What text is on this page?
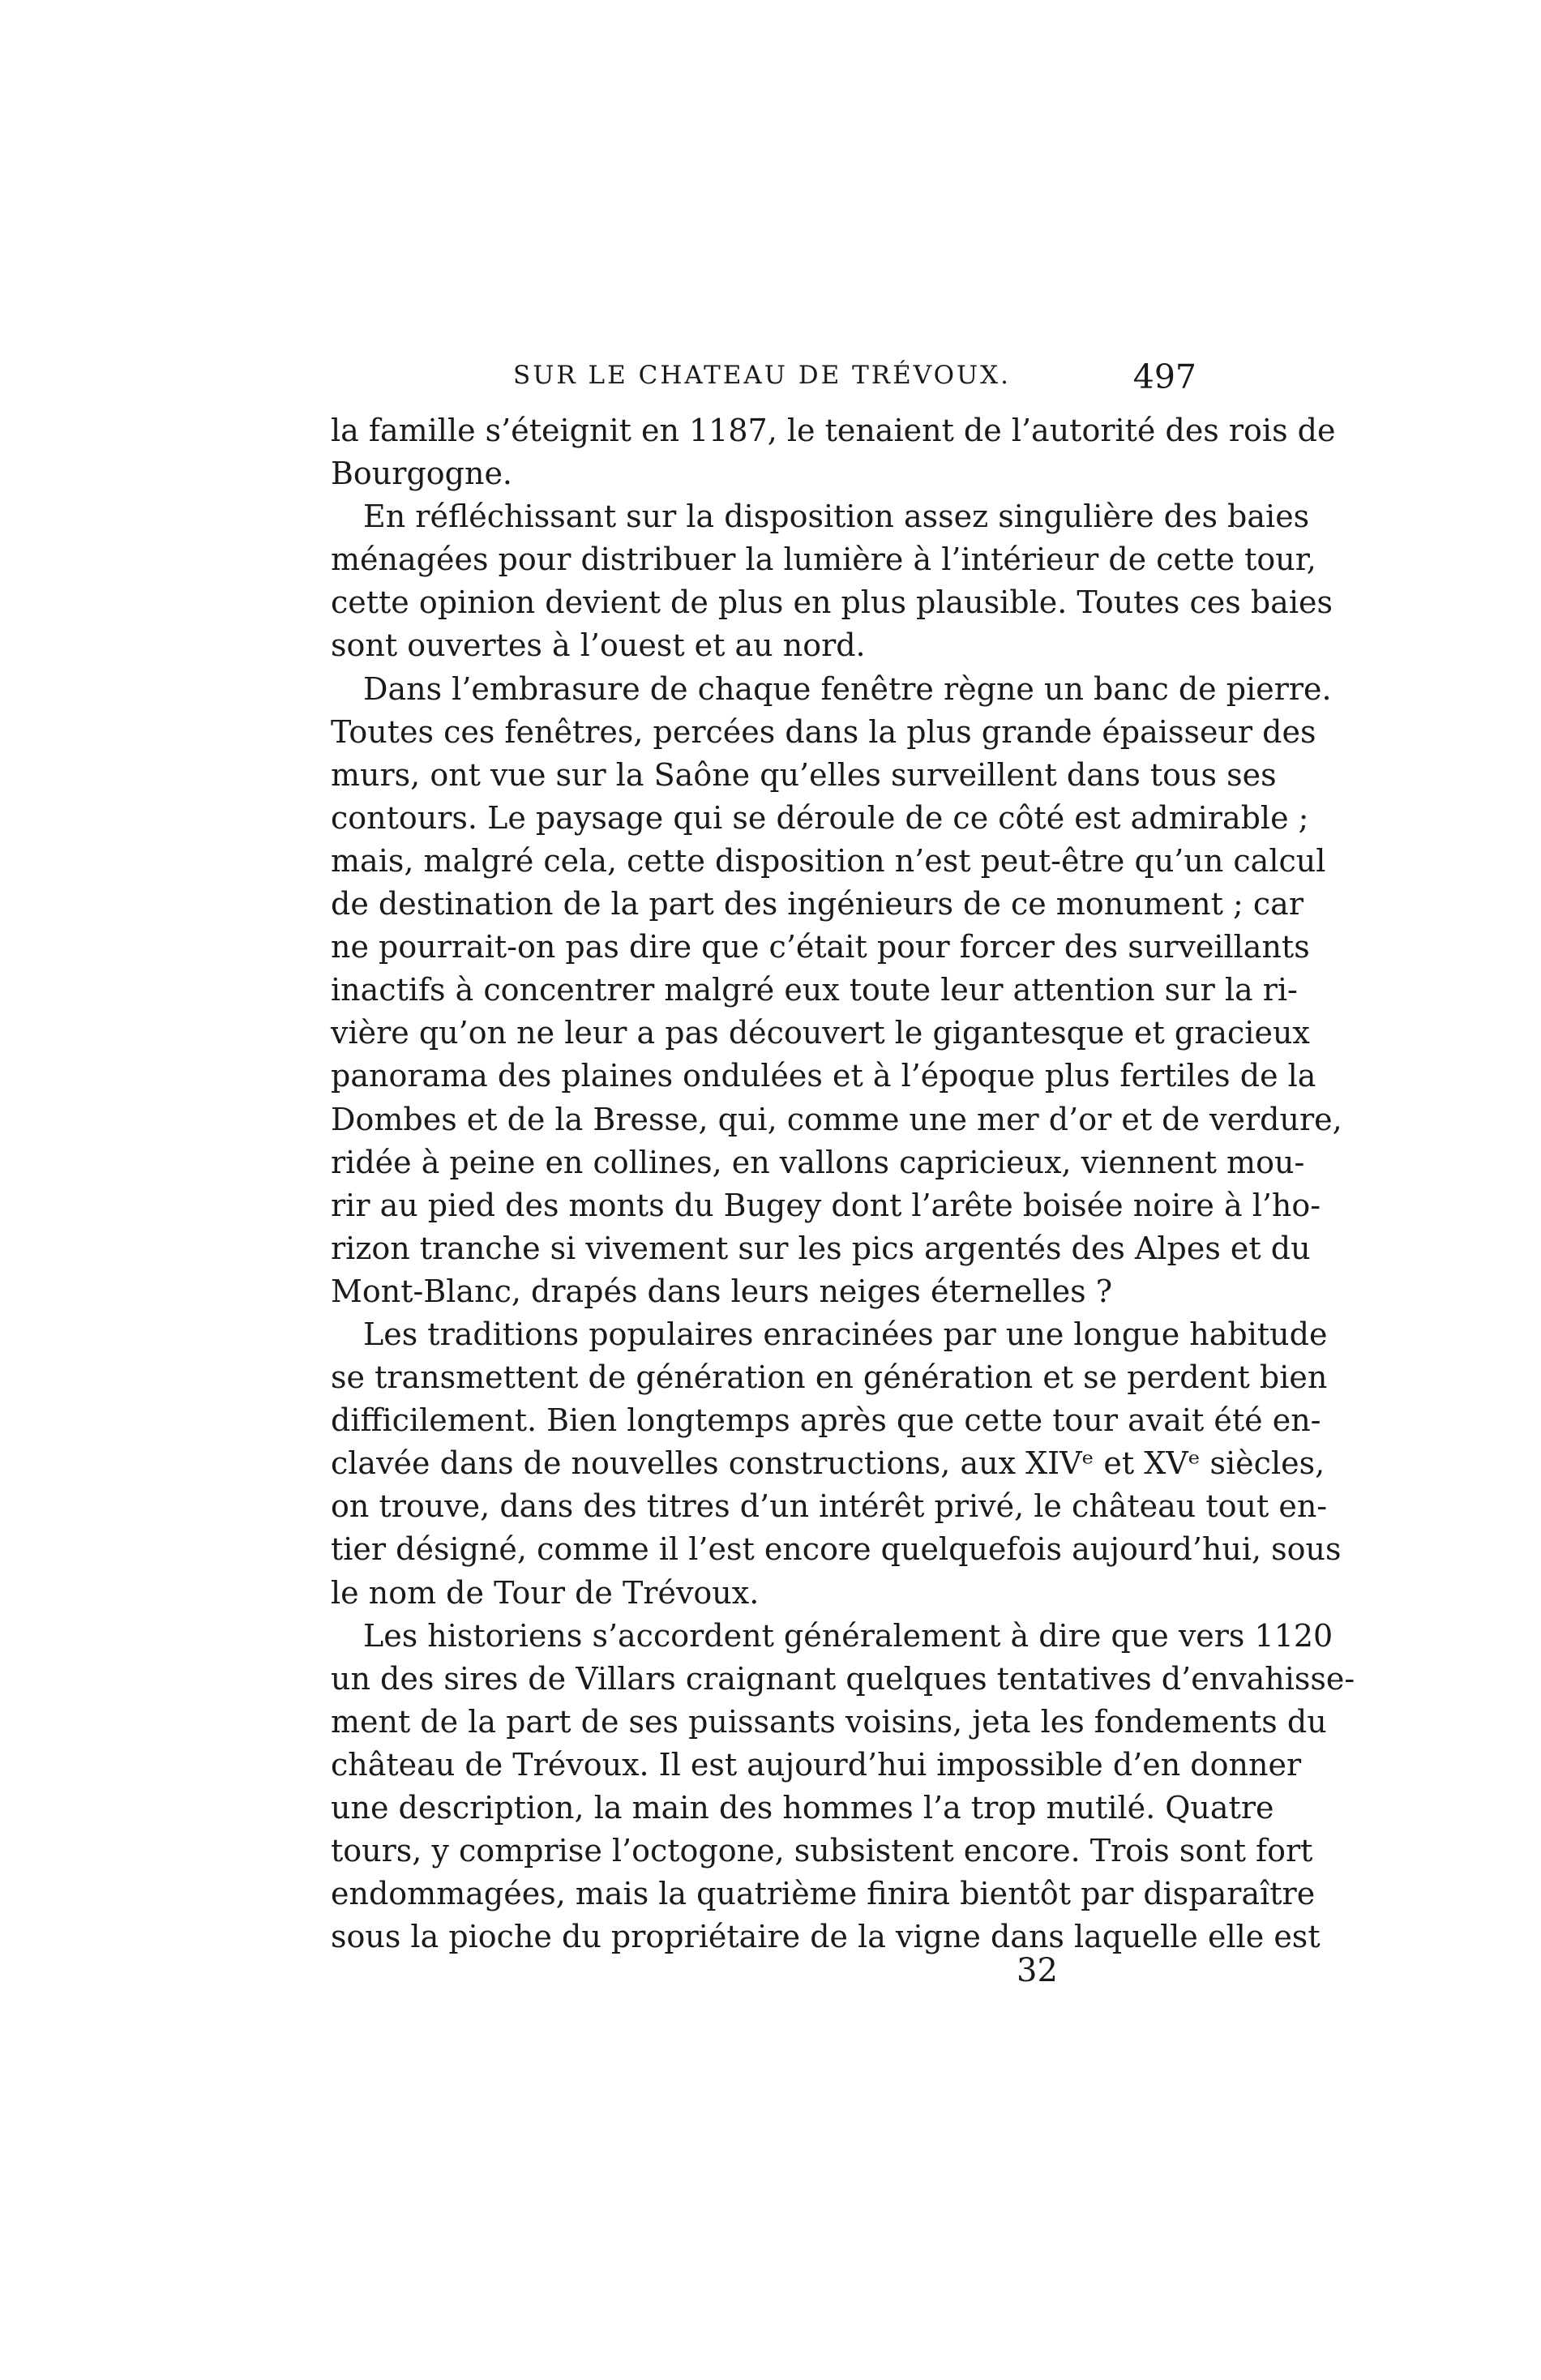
SUR LE CHATEAU DE TRÉVOUX.	497
la famille s’éteignit en 1187, le tenaient de l’autorité des rois de
Bourgogne.
En réfléchissant sur la disposition assez singulière des baies
ménagées pour distribuer la lumière à l’intérieur de cette tour,
cette opinion devient de plus en plus plausible. Toutes ces baies
sont ouvertes à l’ouest et au nord.
Dans l’embrasure de chaque fenêtre règne un banc de pierre.
Toutes ces fenêtres, percées dans la plus grande épaisseur des
murs, ont vue sur la Saône qu’elles surveillent dans tous ses
contours. Le paysage qui se déroule de ce côté est admirable ;
mais, malgré cela, cette disposition n’est peut-être qu’un calcul
de destination de la part des ingénieurs de ce monument ; car
ne pourrait-on pas dire que c’était pour forcer des surveillants
inactifs à concentrer malgré eux toute leur attention sur la ri-
vière qu’on ne leur a pas découvert le gigantesque et gracieux
panorama des plaines ondulées et à l’époque plus fertiles de la
Dombes et de la Bresse, qui, comme une mer d’or et de verdure,
ridée à peine en collines, en vallons capricieux, viennent mou-
rir au pied des monts du Bugey dont l’arête boisée noire à l’ho-
rizon tranche si vivement sur les pics argentés des Alpes et du
Mont-Blanc, drapés dans leurs neiges éternelles ?
Les traditions populaires enracinées par une longue habitude
se transmettent de génération en génération et se perdent bien
difficilement. Bien longtemps après que cette tour avait été en-
clavée dans de nouvelles constructions, aux XIVᵉ et XVᵉ siècles,
on trouve, dans des titres d’un intérêt privé, le château tout en-
tier désigné, comme il l’est encore quelquefois aujourd’hui, sous
le nom de Tour de Trévoux.
Les historiens s’accordent généralement à dire que vers 1120
un des sires de Villars craignant quelques tentatives d’envahisse-
ment de la part de ses puissants voisins, jeta les fondements du
château de Trévoux. Il est aujourd’hui impossible d’en donner
une description, la main des hommes l’a trop mutilé. Quatre
tours, y comprise l’octogone, subsistent encore. Trois sont fort
endommagées, mais la quatrième finira bientôt par disparaître
sous la pioche du propriétaire de la vigne dans laquelle elle est
32
